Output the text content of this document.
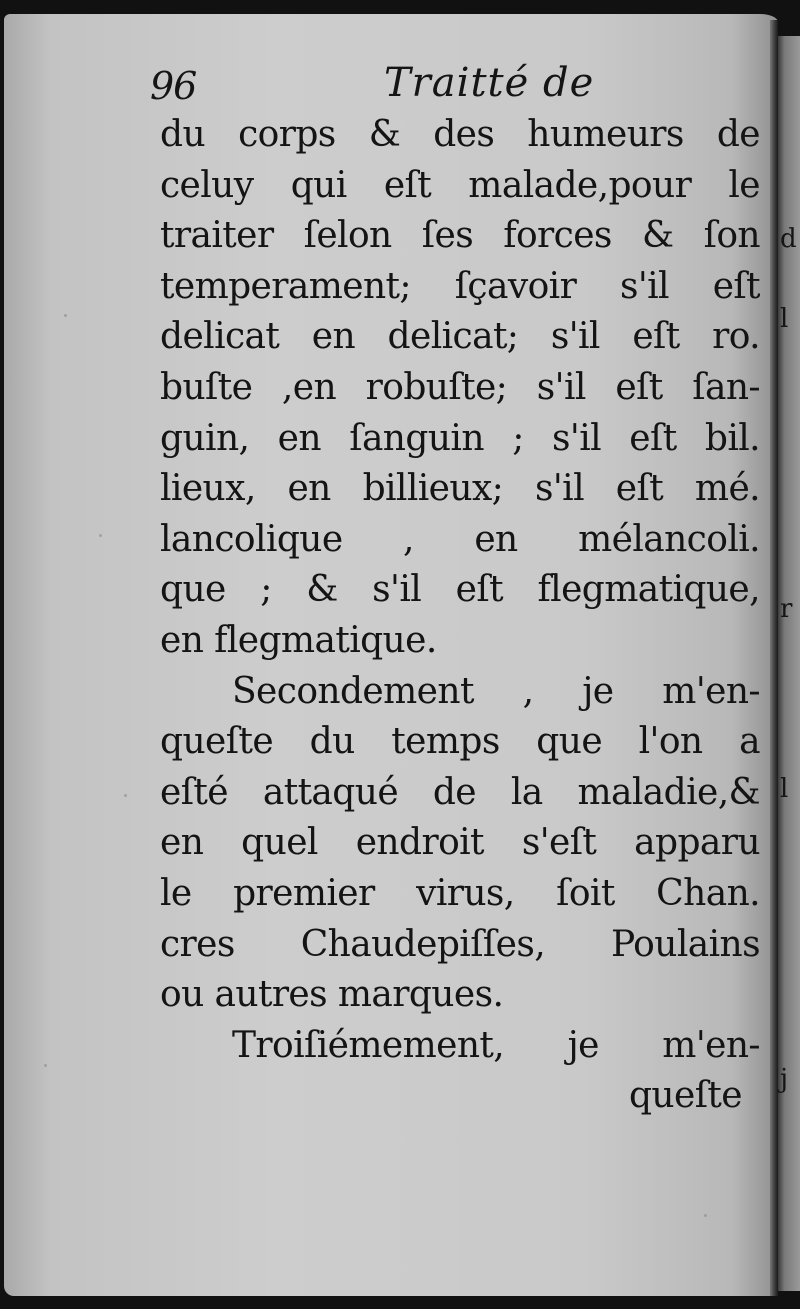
d
l
r
l
j
96	Traitté de
du corps & des humeurs de
celuy qui eſt malade,pour le
traiter ſelon ſes forces & ſon
temperament; ſçavoir s'il eſt
delicat en delicat; s'il eſt ro.
buſte ,en robuſte; s'il eſt ſan-
guin, en ſanguin ; s'il eſt bil.
lieux, en billieux; s'il eſt mé.
lancolique , en mélancoli.
que ; & s'il eſt flegmatique,
en flegmatique.
Secondement , je m'en-
queſte du temps que l'on a
eſté attaqué de la maladie,&
en quel endroit s'eſt apparu
le premier virus, ſoit Chan.
cres Chaudepiſſes, Poulains
ou autres marques.
Troiſiémement, je m'en-
queſte
